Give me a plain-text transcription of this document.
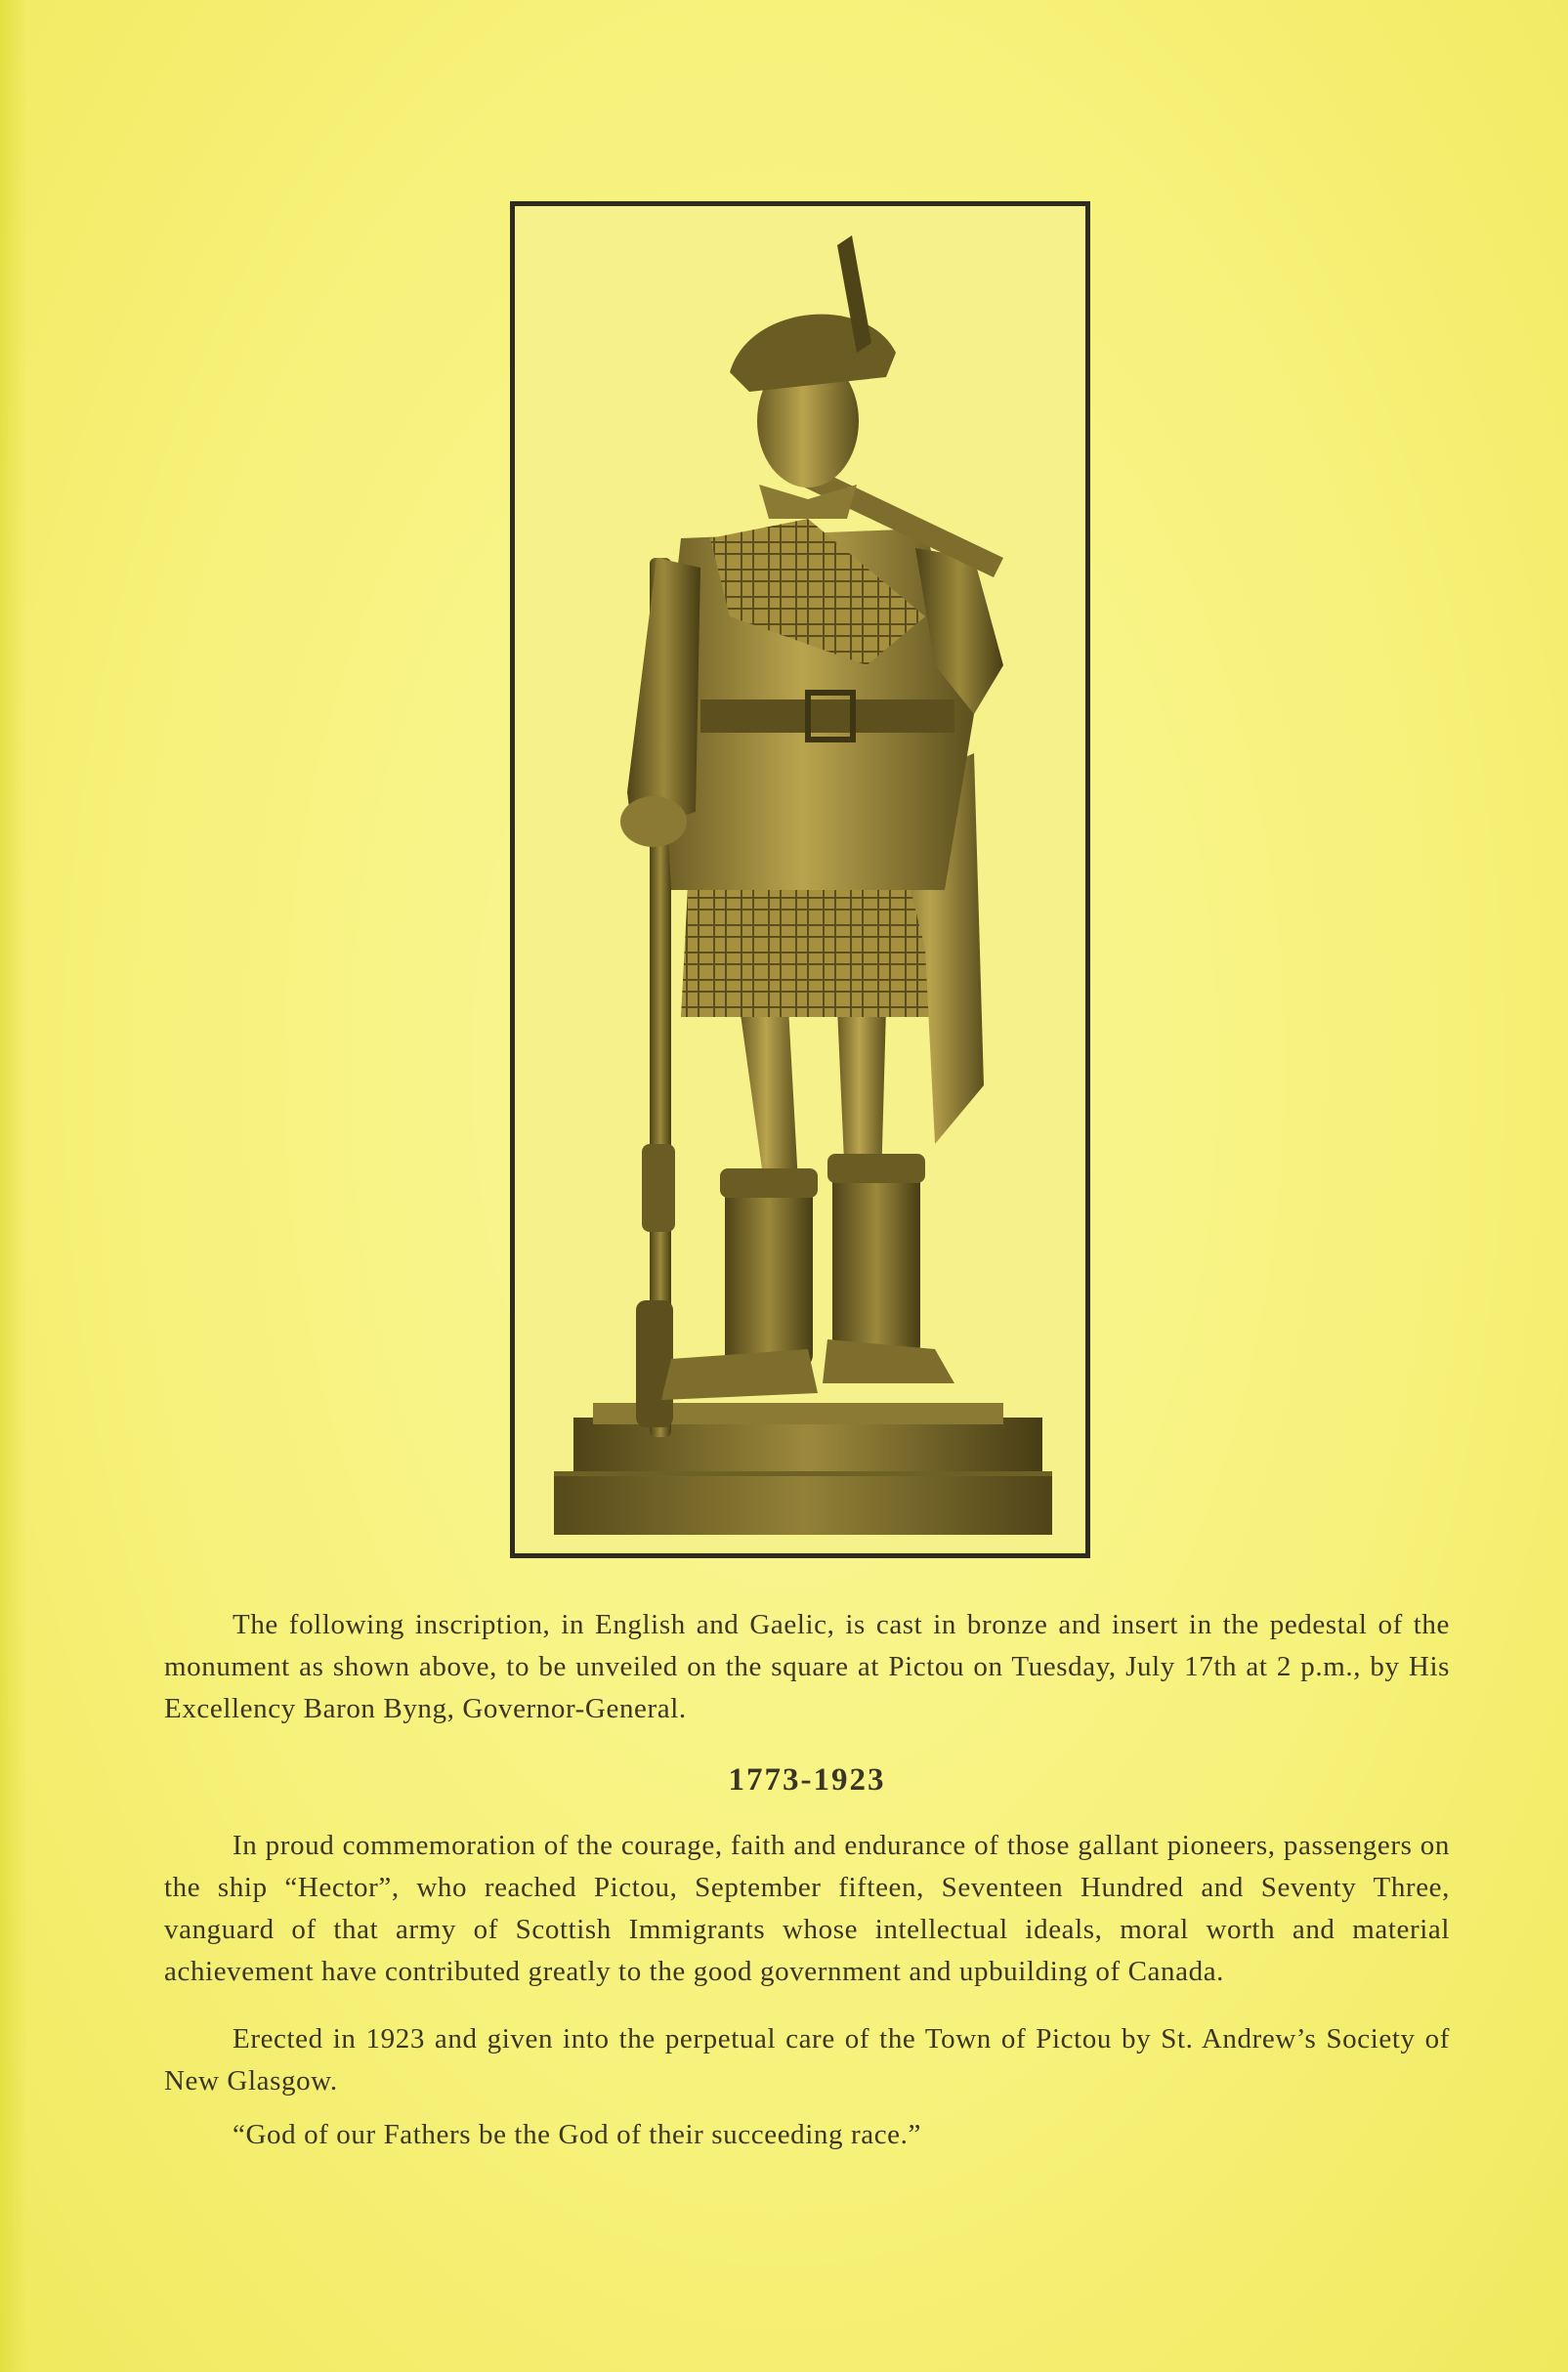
The following inscription, in English and Gaelic, is cast in bronze and insert in the pedestal of the monument as shown above, to be unveiled on the square at Pictou on Tuesday, July 17th at 2 p.m., by His Excellency Baron Byng, Governor-General.

1773-1923

In proud commemoration of the courage, faith and endurance of those gallant pioneers, passengers on the ship “Hector”, who reached Pictou, September fifteen, Seventeen Hundred and Seventy Three, vanguard of that army of Scottish Immigrants whose intellectual ideals, moral worth and material achievement have contributed greatly to the good government and upbuilding of Canada.

Erected in 1923 and given into the perpetual care of the Town of Pictou by St. Andrew’s Society of New Glasgow.

“God of our Fathers be the God of their succeeding race.”
